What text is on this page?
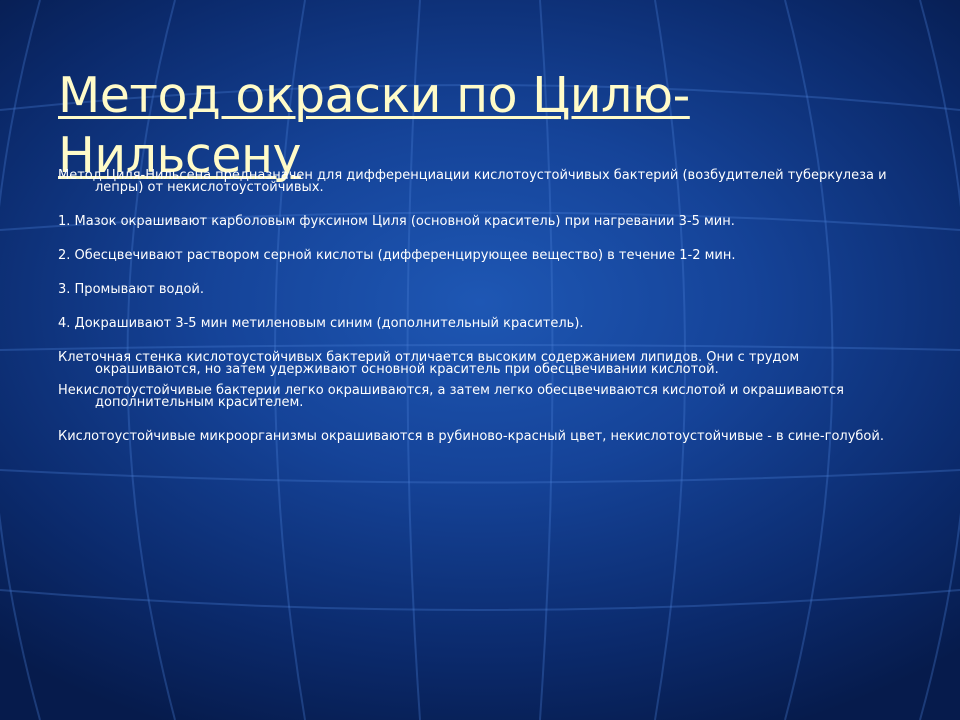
Метод окраски по Цилю-Нильсену

Метод Циля-Нильсена предназначен для дифференциации кислотоустойчивых бактерий (возбудителей туберкулеза и лепры) от некислотоустойчивых.

1. Мазок окрашивают карболовым фуксином Циля (основной краситель) при нагревании 3-5 мин.

2. Обесцвечивают раствором серной кислоты (дифференцирующее вещество) в течение 1-2 мин.

3. Промывают водой.

4. Докрашивают 3-5 мин метиленовым синим (дополнительный краситель).

Клеточная стенка кислотоустойчивых бактерий отличается высоким содержанием липидов. Они с трудом окрашиваются, но затем удерживают основной краситель при обесцвечивании кислотой.

Некислотоустойчивые бактерии легко окрашиваются, а затем легко обесцвечиваются кислотой и окрашиваются дополнительным красителем.

Кислотоустойчивые микроорганизмы окрашиваются в рубиново-красный цвет, некислотоустойчивые - в сине-голубой.
